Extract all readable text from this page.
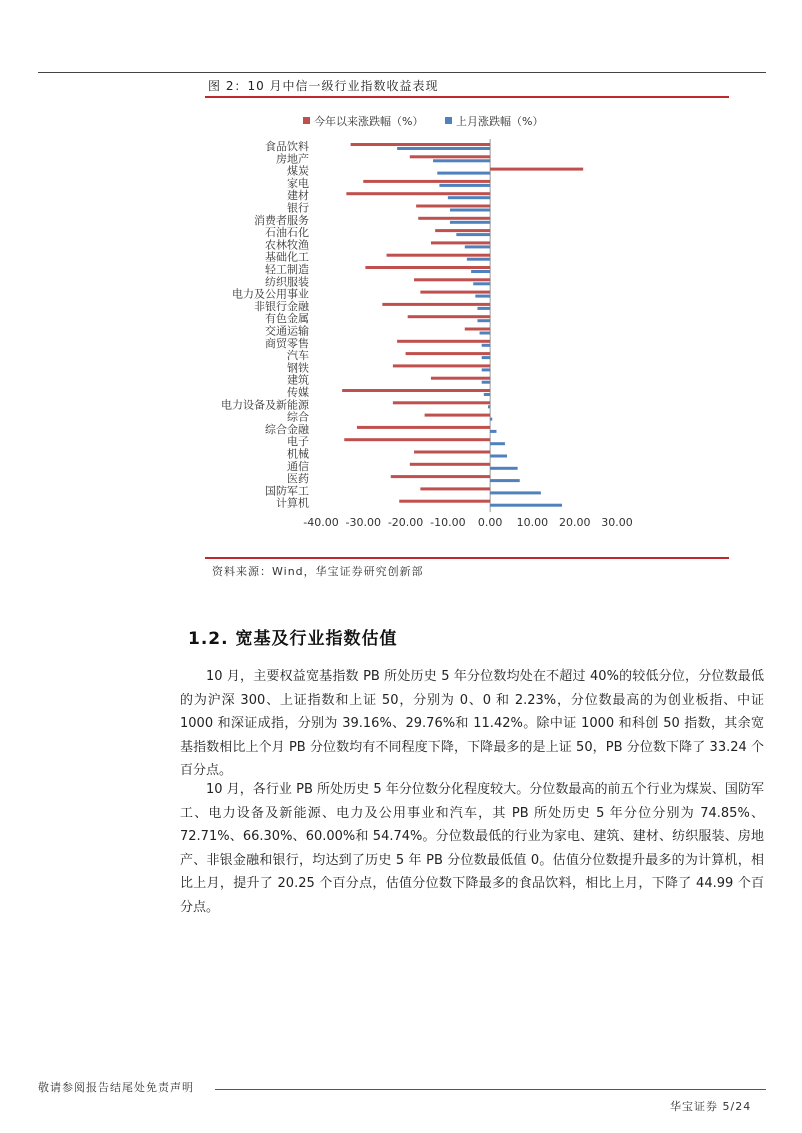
图 2：10 月中信一级行业指数收益表现
今年以来涨跌幅（%）	上月涨跌幅（%）
食品饮料
房地产
煤炭
家电
建材
银行
消费者服务
石油石化
农林牧渔
基础化工
轻工制造
纺织服装
电力及公用事业
非银行金融
有色金属
交通运输
商贸零售
汽车
钢铁
建筑
传媒
电力设备及新能源
综合
综合金融
电子
机械
通信
医药
国防军工
计算机
-40.00 -30.00 -20.00 -10.00 0.00 10.00 20.00 30.00
资料来源：Wind，华宝证券研究创新部
1.2. 宽基及行业指数估值

10 月，主要权益宽基指数 PB 所处历史 5 年分位数均处在不超过 40%的较低分位，分位数最低的为沪深 300、上证指数和上证 50，分别为 0、0 和 2.23%，分位数最高的为创业板指、中证 1000 和深证成指，分别为 39.16%、29.76%和 11.42%。除中证 1000 和科创 50 指数，其余宽基指数相比上个月 PB 分位数均有不同程度下降，下降最多的是上证 50，PB 分位数下降了 33.24 个百分点。

10 月，各行业 PB 所处历史 5 年分位数分化程度较大。分位数最高的前五个行业为煤炭、国防军工、电力设备及新能源、电力及公用事业和汽车，其 PB 所处历史 5 年分位分别为 74.85%、72.71%、66.30%、60.00%和 54.74%。分位数最低的行业为家电、建筑、建材、纺织服装、房地产、非银金融和银行，均达到了历史 5 年 PB 分位数最低值 0。估值分位数提升最多的为计算机，相比上月，提升了 20.25 个百分点，估值分位数下降最多的食品饮料，相比上月，下降了 44.99 个百分点。

敬请参阅报告结尾处免责声明
华宝证券 5/24
